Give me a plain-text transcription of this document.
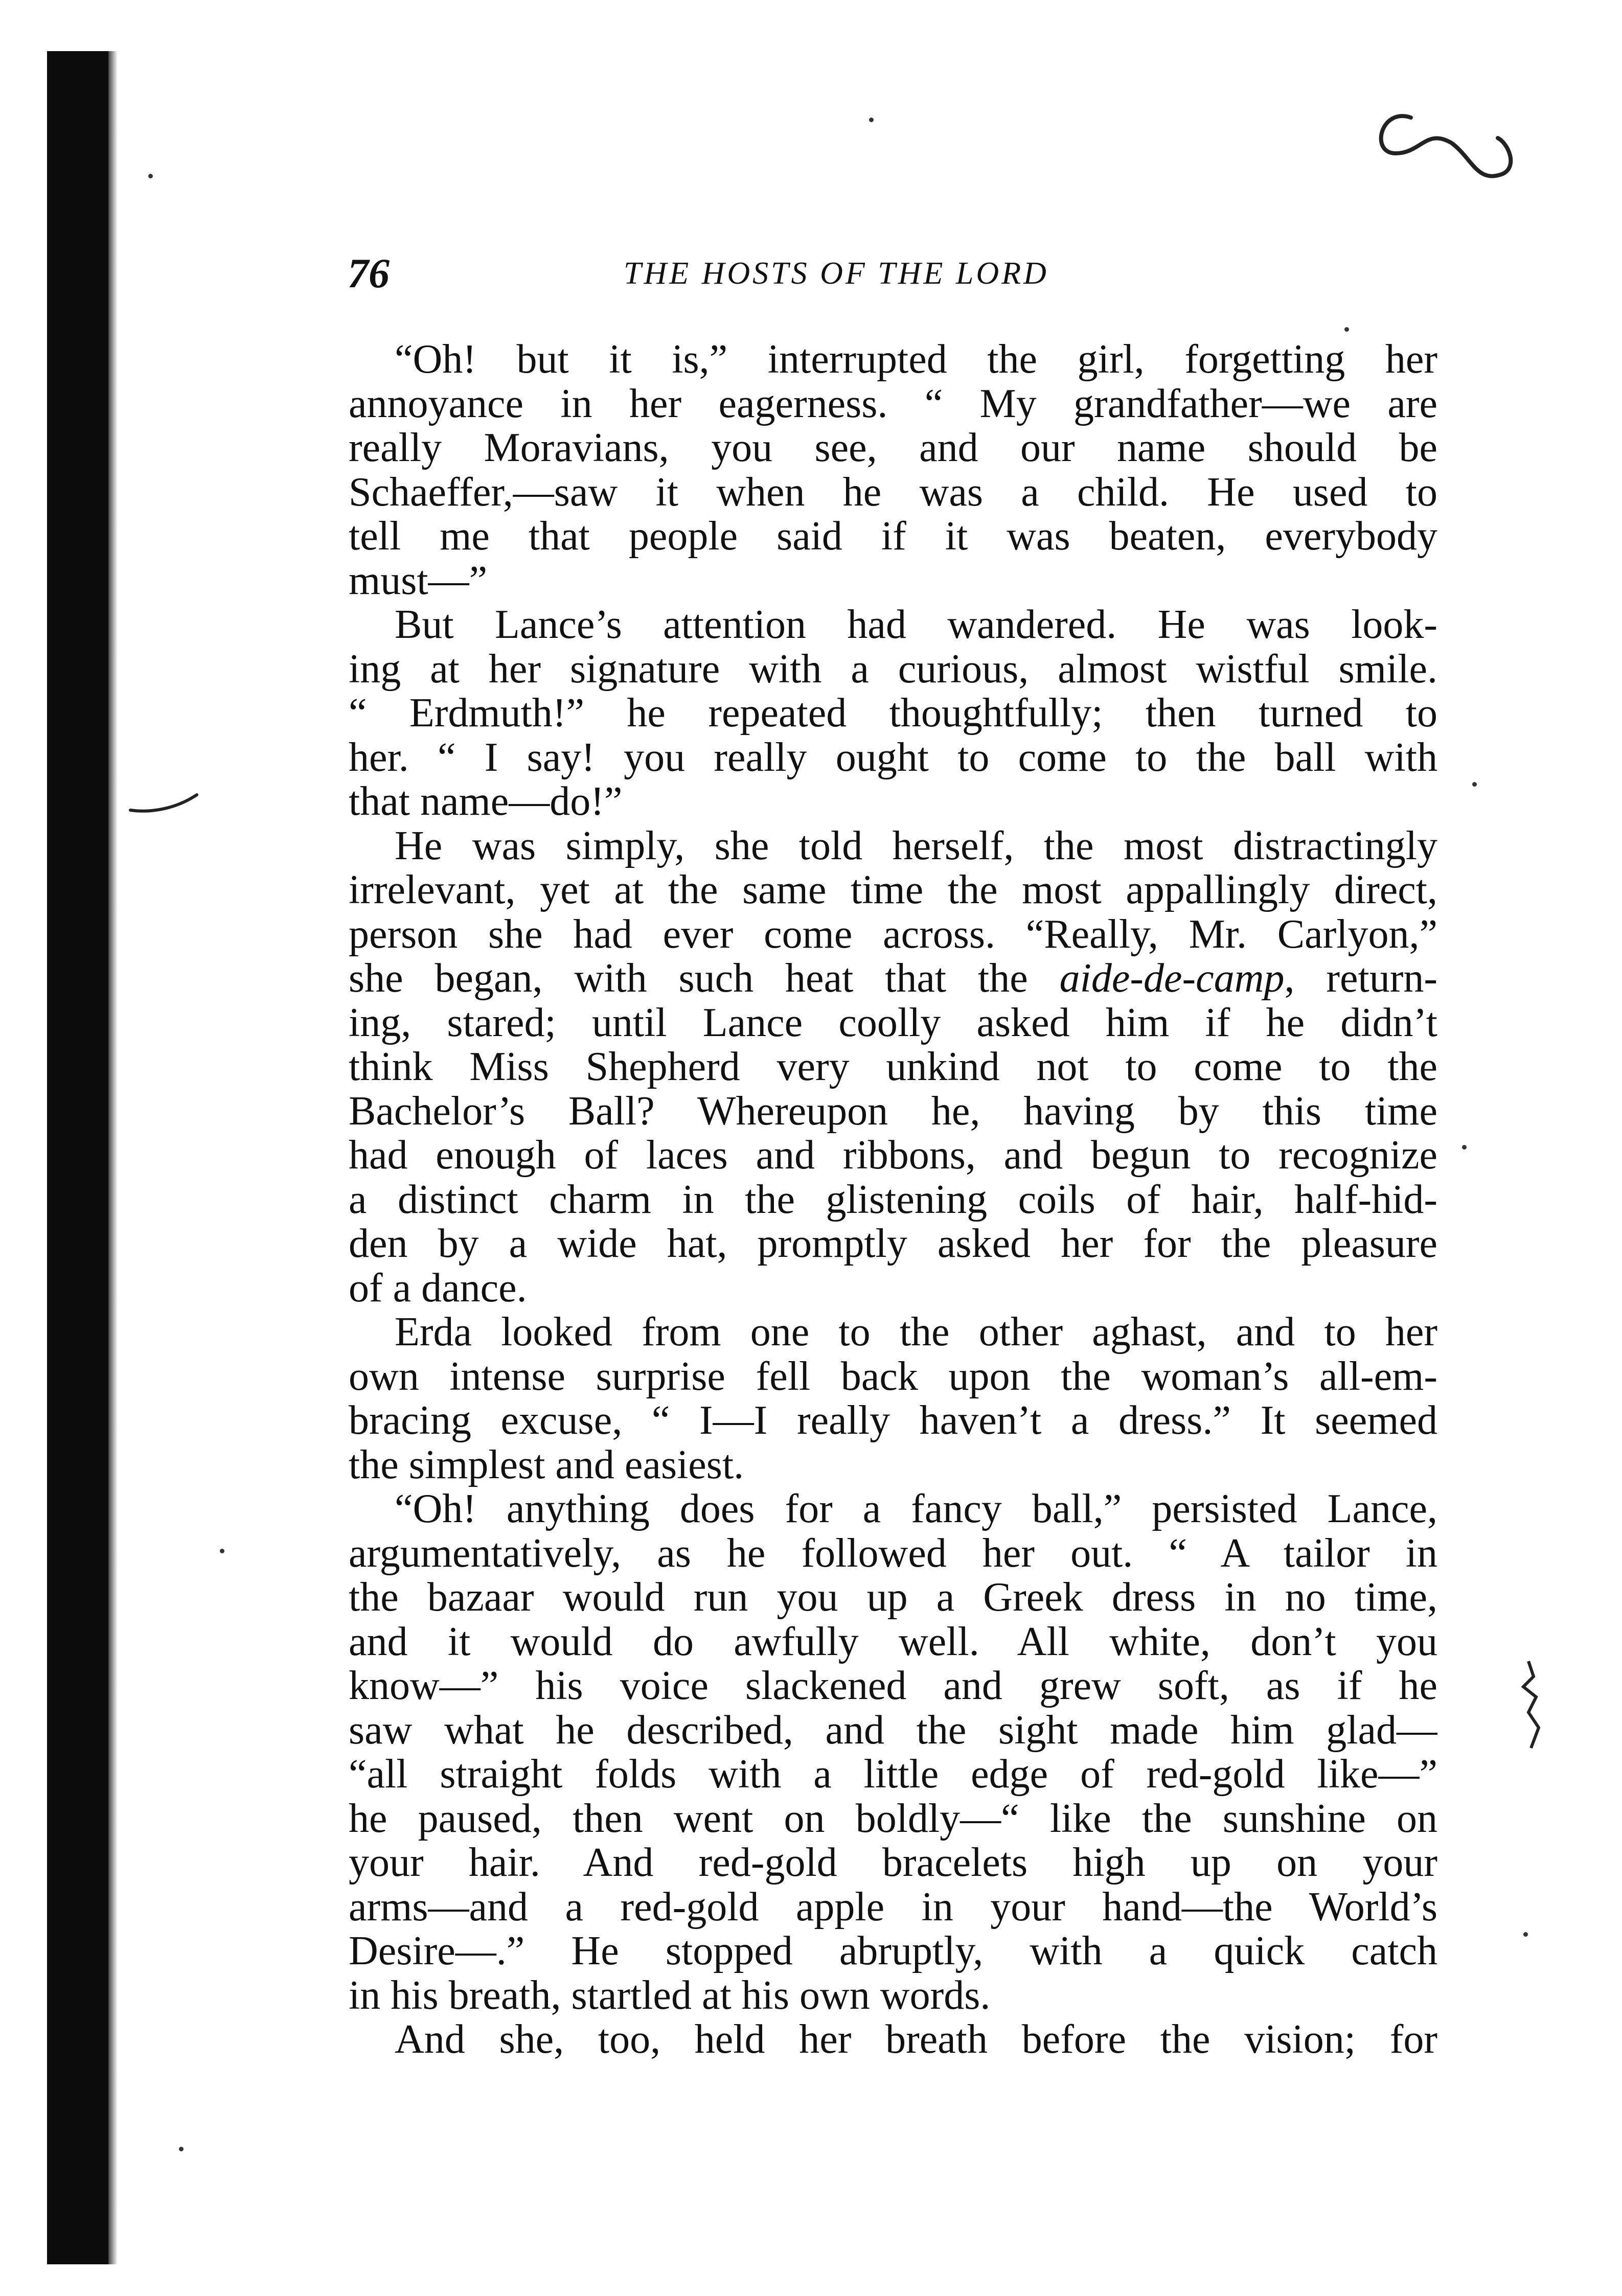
76	THE HOSTS OF THE LORD
“Oh! but it is,” interrupted the girl, forgetting her
annoyance in her eagerness. “ My grandfather—we are
really Moravians, you see, and our name should be
Schaeffer,—saw it when he was a child. He used to
tell me that people said if it was beaten, everybody
must—”
But Lance’s attention had wandered. He was look-
ing at her signature with a curious, almost wistful smile.
“ Erdmuth!” he repeated thoughtfully; then turned to
her. “ I say! you really ought to come to the ball with
that name—do!”
He was simply, she told herself, the most distractingly
irrelevant, yet at the same time the most appallingly direct,
person she had ever come across. “Really, Mr. Carlyon,”
she began, with such heat that the aide-de-camp, return-
ing, stared; until Lance coolly asked him if he didn’t
think Miss Shepherd very unkind not to come to the
Bachelor’s Ball? Whereupon he, having by this time
had enough of laces and ribbons, and begun to recognize
a distinct charm in the glistening coils of hair, half-hid-
den by a wide hat, promptly asked her for the pleasure
of a dance.
Erda looked from one to the other aghast, and to her
own intense surprise fell back upon the woman’s all-em-
bracing excuse, “ I—I really haven’t a dress.” It seemed
the simplest and easiest.
“Oh! anything does for a fancy ball,” persisted Lance,
argumentatively, as he followed her out. “ A tailor in
the bazaar would run you up a Greek dress in no time,
and it would do awfully well. All white, don’t you
know—” his voice slackened and grew soft, as if he
saw what he described, and the sight made him glad—
“all straight folds with a little edge of red-gold like—”
he paused, then went on boldly—“ like the sunshine on
your hair. And red-gold bracelets high up on your
arms—and a red-gold apple in your hand—the World’s
Desire—.” He stopped abruptly, with a quick catch
in his breath, startled at his own words.
And she, too, held her breath before the vision; for
